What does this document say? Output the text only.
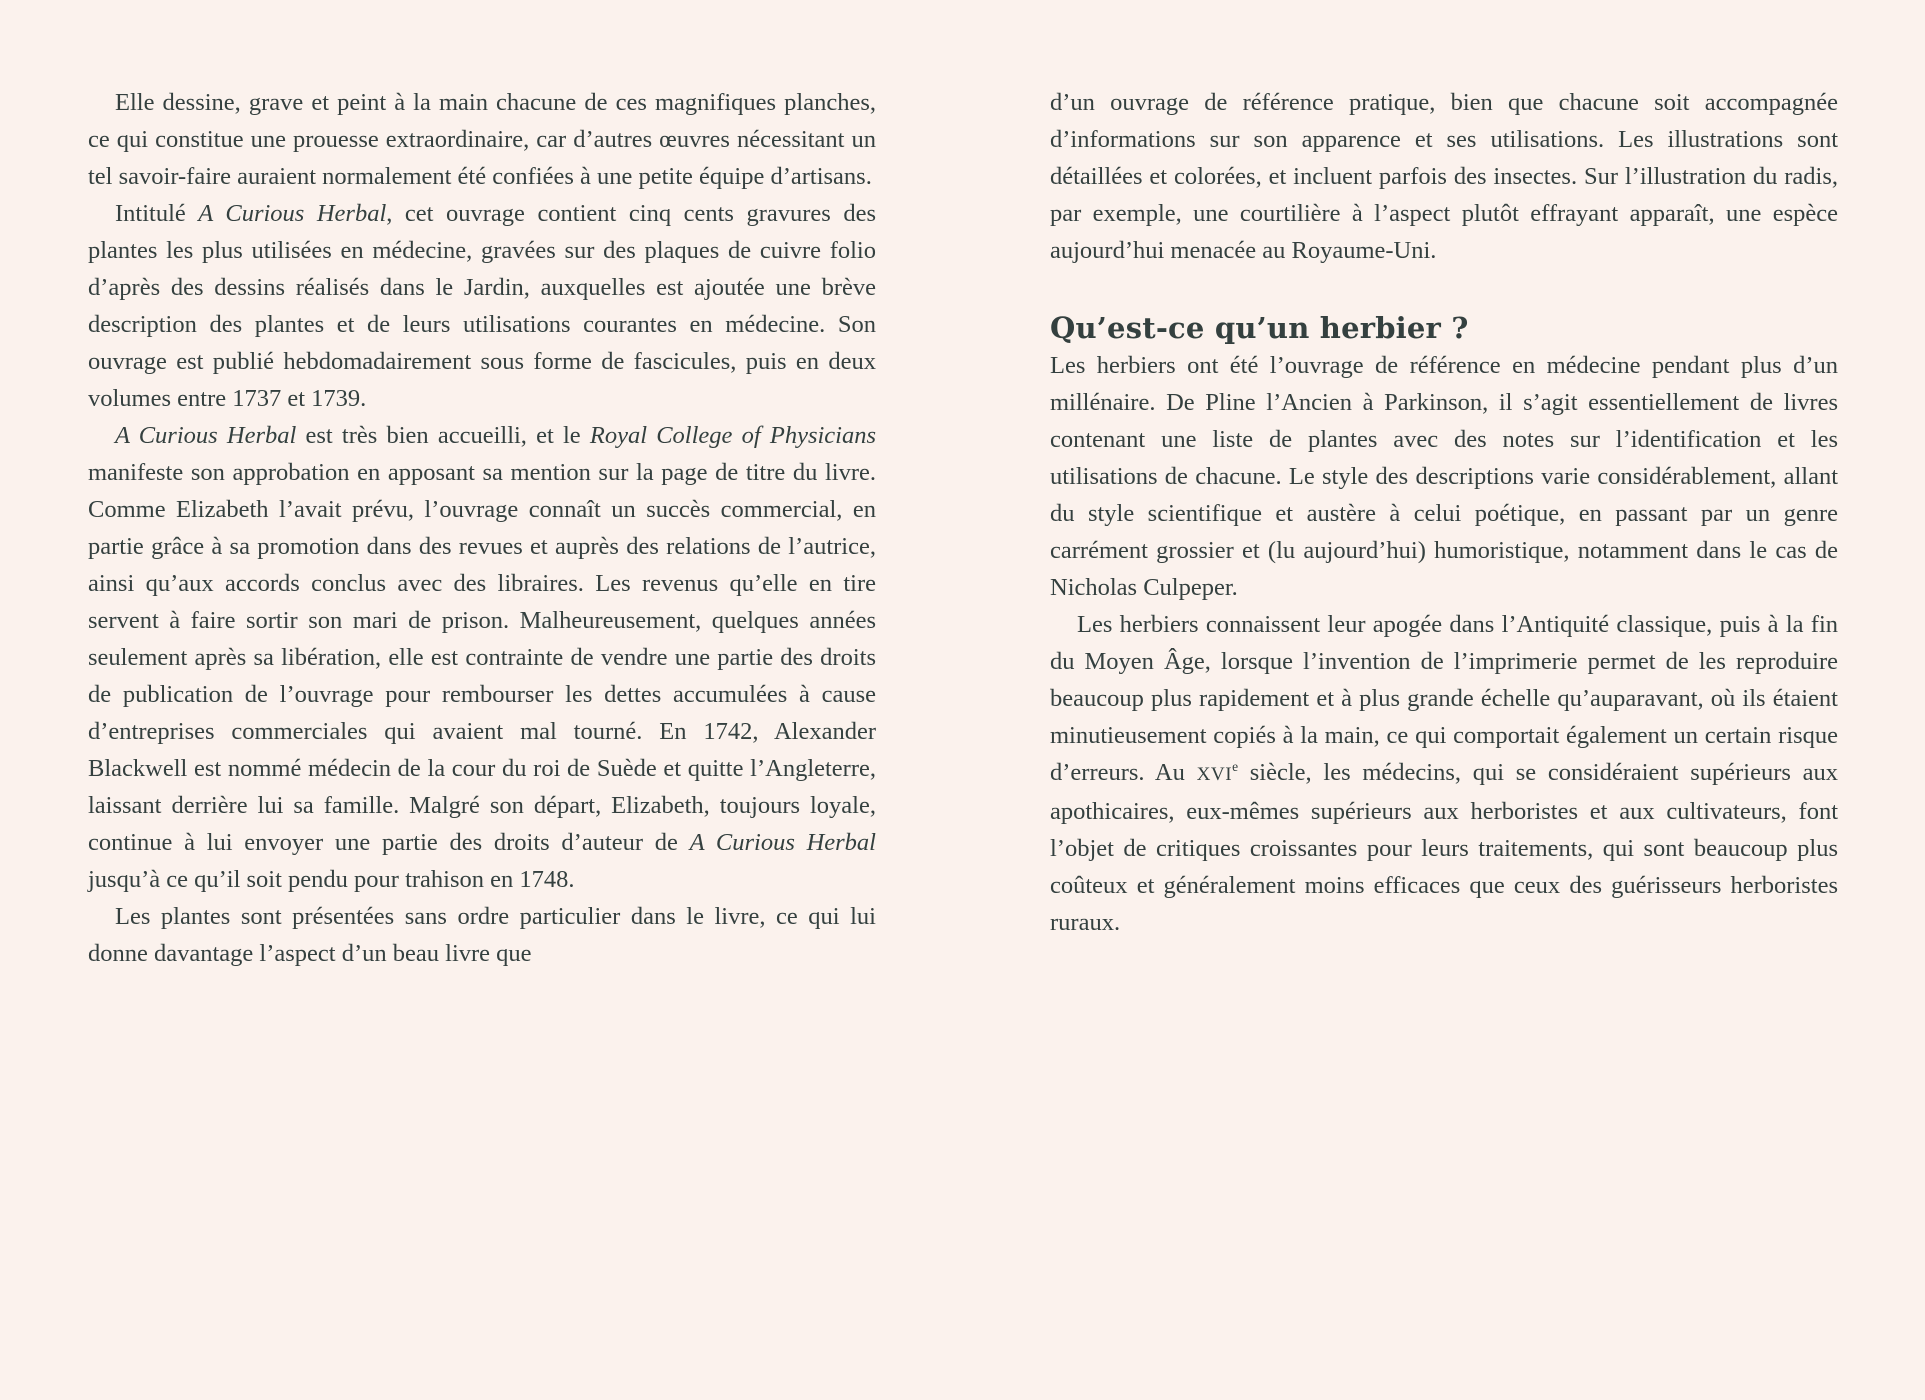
Elle dessine, grave et peint à la main chacune de ces magnifiques planches, ce qui constitue une prouesse extraordinaire, car d’autres œuvres nécessitant un tel savoir-faire auraient normalement été confiées à une petite équipe d’artisans.

Intitulé A Curious Herbal, cet ouvrage contient cinq cents gravures des plantes les plus utilisées en médecine, gravées sur des plaques de cuivre folio d’après des dessins réalisés dans le Jardin, auxquelles est ajoutée une brève description des plantes et de leurs utilisations courantes en médecine. Son ouvrage est publié hebdomadairement sous forme de fascicules, puis en deux volumes entre 1737 et 1739.

A Curious Herbal est très bien accueilli, et le Royal College of Physicians manifeste son approbation en apposant sa mention sur la page de titre du livre. Comme Elizabeth l’avait prévu, l’ouvrage connaît un succès commercial, en partie grâce à sa promotion dans des revues et auprès des relations de l’autrice, ainsi qu’aux accords conclus avec des libraires. Les revenus qu’elle en tire servent à faire sortir son mari de prison. Malheureusement, quelques années seulement après sa libération, elle est contrainte de vendre une partie des droits de publication de l’ouvrage pour rembourser les dettes accumulées à cause d’entreprises commerciales qui avaient mal tourné. En 1742, Alexander Blackwell est nommé médecin de la cour du roi de Suède et quitte l’Angleterre, laissant derrière lui sa famille. Malgré son départ, Elizabeth, toujours loyale, continue à lui envoyer une partie des droits d’auteur de A Curious Herbal jusqu’à ce qu’il soit pendu pour trahison en 1748.

Les plantes sont présentées sans ordre particulier dans le livre, ce qui lui donne davantage l’aspect d’un beau livre que

d’un ouvrage de référence pratique, bien que chacune soit accompagnée d’informations sur son apparence et ses utilisations. Les illustrations sont détaillées et colorées, et incluent parfois des insectes. Sur l’illustration du radis, par exemple, une courtilière à l’aspect plutôt effrayant apparaît, une espèce aujourd’hui menacée au Royaume-Uni.

Qu’est-ce qu’un herbier ?

Les herbiers ont été l’ouvrage de référence en médecine pendant plus d’un millénaire. De Pline l’Ancien à Parkinson, il s’agit essentiellement de livres contenant une liste de plantes avec des notes sur l’identification et les utilisations de chacune. Le style des descriptions varie considérablement, allant du style scientifique et austère à celui poétique, en passant par un genre carrément grossier et (lu aujourd’hui) humoristique, notamment dans le cas de Nicholas Culpeper.

Les herbiers connaissent leur apogée dans l’Antiquité classique, puis à la fin du Moyen Âge, lorsque l’invention de l’imprimerie permet de les reproduire beaucoup plus rapidement et à plus grande échelle qu’auparavant, où ils étaient minutieusement copiés à la main, ce qui comportait également un certain risque d’erreurs. Au XVIe siècle, les médecins, qui se considéraient supérieurs aux apothicaires, eux-mêmes supérieurs aux herboristes et aux cultivateurs, font l’objet de critiques croissantes pour leurs traitements, qui sont beaucoup plus coûteux et généralement moins efficaces que ceux des guérisseurs herboristes ruraux.
